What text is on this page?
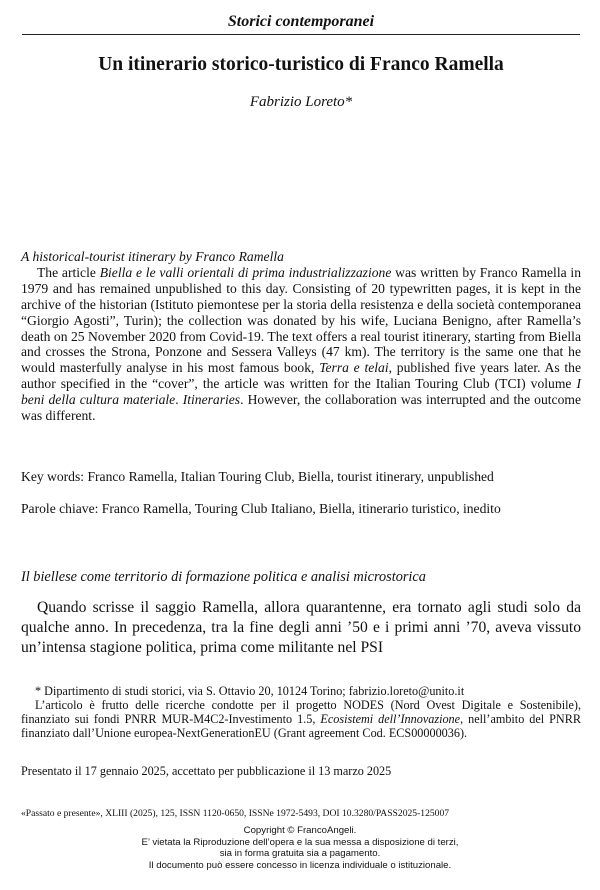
Storici contemporanei
Un itinerario storico-turistico di Franco Ramella
Fabrizio Loreto*

A historical-tourist itinerary by Franco Ramella

The article Biella e le valli orientali di prima industrializzazione was written by Franco Ramella in 1979 and has remained unpublished to this day. Consisting of 20 typewritten pages, it is kept in the archive of the historian (Istituto piemontese per la storia della resistenza e della società contemporanea “Giorgio Agosti”, Turin); the collection was donated by his wife, Luciana Benigno, after Ramella’s death on 25 November 2020 from Covid-19. The text offers a real tourist itinerary, starting from Biella and crosses the Strona, Ponzone and Sessera Valleys (47 km). The territory is the same one that he would masterfully analyse in his most famous book, Terra e telai, published five years later. As the author specified in the “cover”, the article was written for the Italian Touring Club (TCI) volume I beni della cultura materiale. Itineraries. However, the collaboration was interrupted and the outcome was different.

Key words: Franco Ramella, Italian Touring Club, Biella, tourist itinerary, unpublished

Parole chiave: Franco Ramella, Touring Club Italiano, Biella, itinerario turistico, inedito

Il biellese come territorio di formazione politica e analisi microstorica

Quando scrisse il saggio Ramella, allora quarantenne, era tornato agli studi solo da qualche anno. In precedenza, tra la fine degli anni ’50 e i primi anni ’70, aveva vissuto un’intensa stagione politica, prima come militante nel PSI

* Dipartimento di studi storici, via S. Ottavio 20, 10124 Torino; fabrizio.loreto@unito.it

L’articolo è frutto delle ricerche condotte per il progetto NODES (Nord Ovest Digitale e Sostenibile), finanziato sui fondi PNRR MUR-M4C2-Investimento 1.5, Ecosistemi dell’Innovazione, nell’ambito del PNRR finanziato dall’Unione europea-NextGenerationEU (Grant agreement Cod. ECS00000036).

Presentato il 17 gennaio 2025, accettato per pubblicazione il 13 marzo 2025
«Passato e presente», XLIII (2025), 125, ISSN 1120-0650, ISSNe 1972-5493, DOI 10.3280/PASS2025-125007
Copyright © FrancoAngeli.
E’ vietata la Riproduzione dell’opera e la sua messa a disposizione di terzi,
sia in forma gratuita sia a pagamento.
Il documento può essere concesso in licenza individuale o istituzionale.
